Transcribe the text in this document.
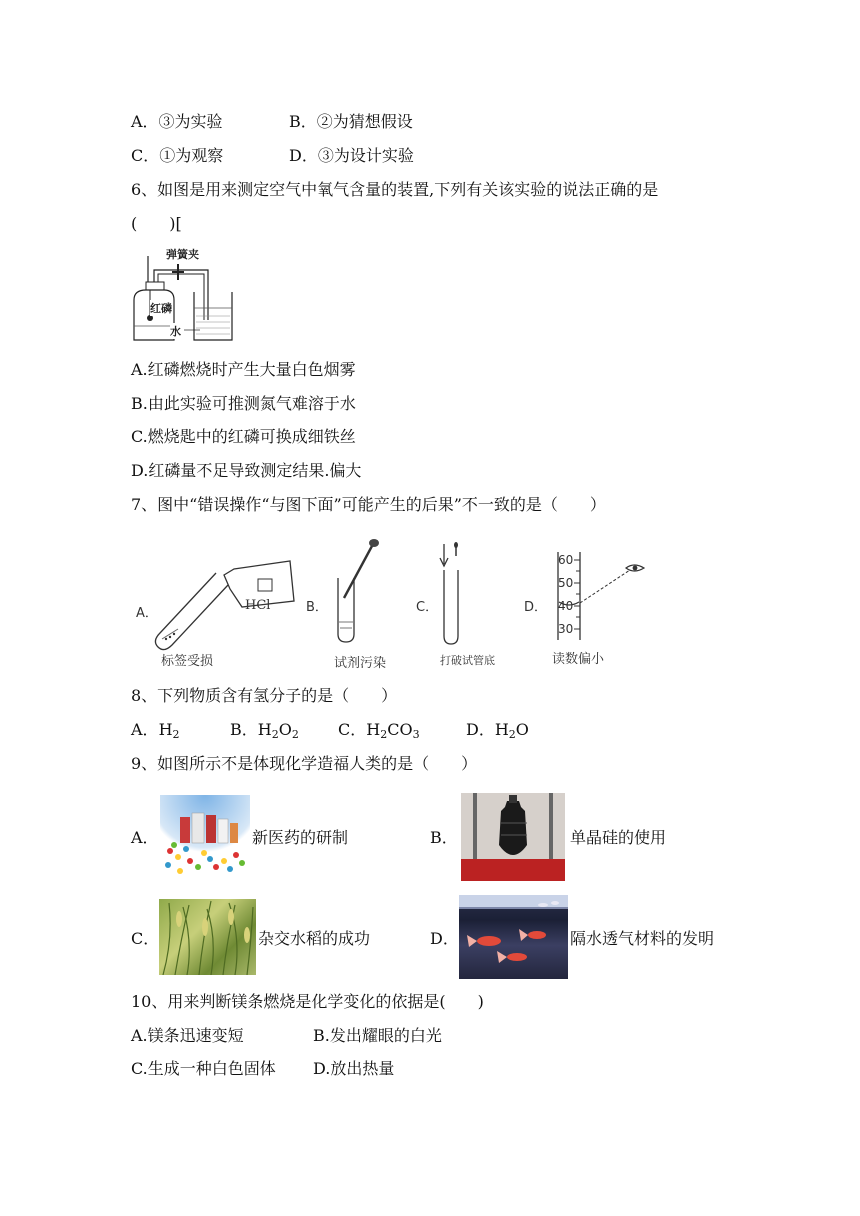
A．③为实验	B．②为猜想假设
C．①为观察	D．③为设计实验
6、如图是用来测定空气中氧气含量的装置,下列有关该实验的说法正确的是
(　　)[
弹簧夹
红磷
水
A.红磷燃烧时产生大量白色烟雾
B.由此实验可推测氮气难溶于水
C.燃烧匙中的红磷可换成细铁丝
D.红磷量不足导致测定结果.偏大
7、图中“错误操作“与图下面”可能产生的后果”不一致的是（　　）
A．
HCl
标签受损
B．
试剂污染
C．
打破试管底
D．
60
50
40
30
读数偏小
8、下列物质含有氢分子的是（　　）
A．$H_2$	B．$H_2O_2$ C．$H_2CO_3$	D．$H_2O$
9、如图所示不是体现化学造福人类的是（　　）
A．	新医药的研制	B．	单晶硅的使用
C．	杂交水稻的成功	D．	隔水透气材料的发明
10、用来判断镁条燃烧是化学变化的依据是(　　)
A.镁条迅速变短	B.发出耀眼的白光
C.生成一种白色固体 D.放出热量
